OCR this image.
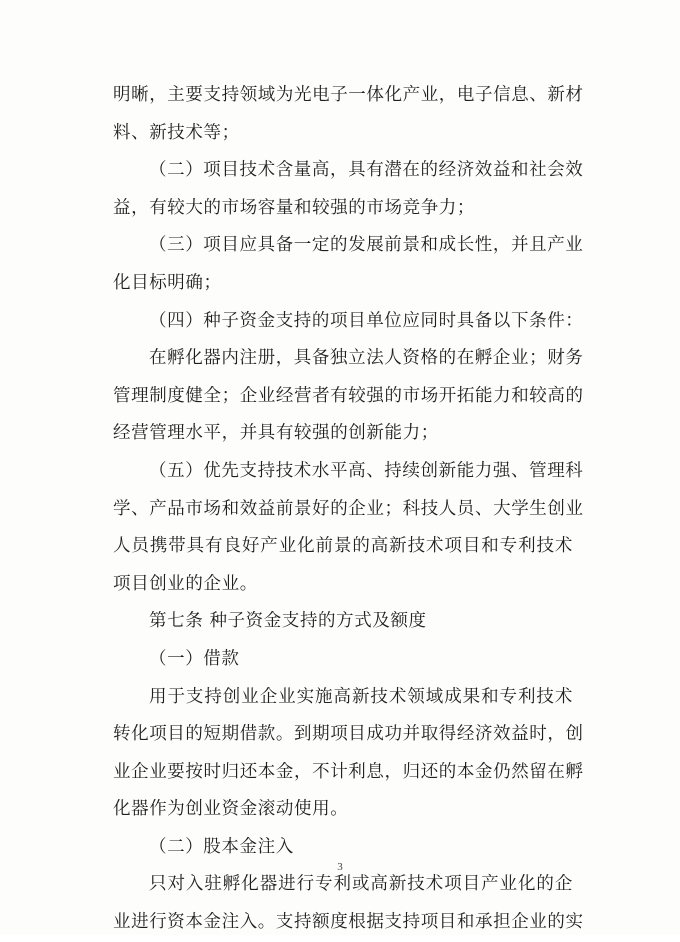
明晰，主要支持领域为光电子一体化产业，电子信息、新材
料、新技术等；
（二）项目技术含量高，具有潜在的经济效益和社会效
益，有较大的市场容量和较强的市场竞争力；
（三）项目应具备一定的发展前景和成长性，并且产业
化目标明确；
（四）种子资金支持的项目单位应同时具备以下条件：
在孵化器内注册，具备独立法人资格的在孵企业；财务
管理制度健全；企业经营者有较强的市场开拓能力和较高的
经营管理水平，并具有较强的创新能力；
（五）优先支持技术水平高、持续创新能力强、管理科
学、产品市场和效益前景好的企业；科技人员、大学生创业
人员携带具有良好产业化前景的高新技术项目和专利技术
项目创业的企业。
第七条 种子资金支持的方式及额度
（一）借款
用于支持创业企业实施高新技术领域成果和专利技术
转化项目的短期借款。到期项目成功并取得经济效益时，创
业企业要按时归还本金，不计利息，归还的本金仍然留在孵
化器作为创业资金滚动使用。
（二）股本金注入
只对入驻孵化器进行专利或高新技术项目产业化的企
业进行资本金注入。支持额度根据支持项目和承担企业的实
3
